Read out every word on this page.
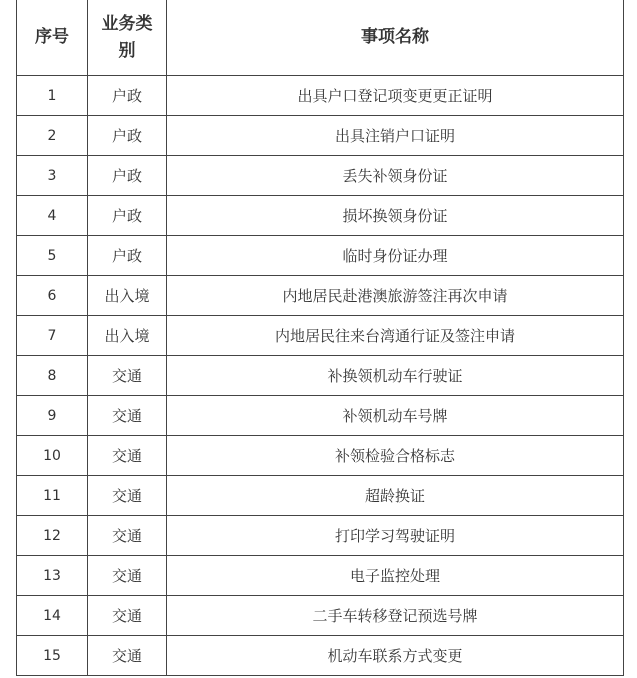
序号	业务类别	事项名称
1	户政	出具户口登记项变更更正证明
2	户政	出具注销户口证明
3	户政	丢失补领身份证
4	户政	损坏换领身份证
5	户政	临时身份证办理
6	出入境	内地居民赴港澳旅游签注再次申请
7	出入境	内地居民往来台湾通行证及签注申请
8	交通	补换领机动车行驶证
9	交通	补领机动车号牌
10	交通	补领检验合格标志
11	交通	超龄换证
12	交通	打印学习驾驶证明
13	交通	电子监控处理
14	交通	二手车转移登记预选号牌
15	交通	机动车联系方式变更
